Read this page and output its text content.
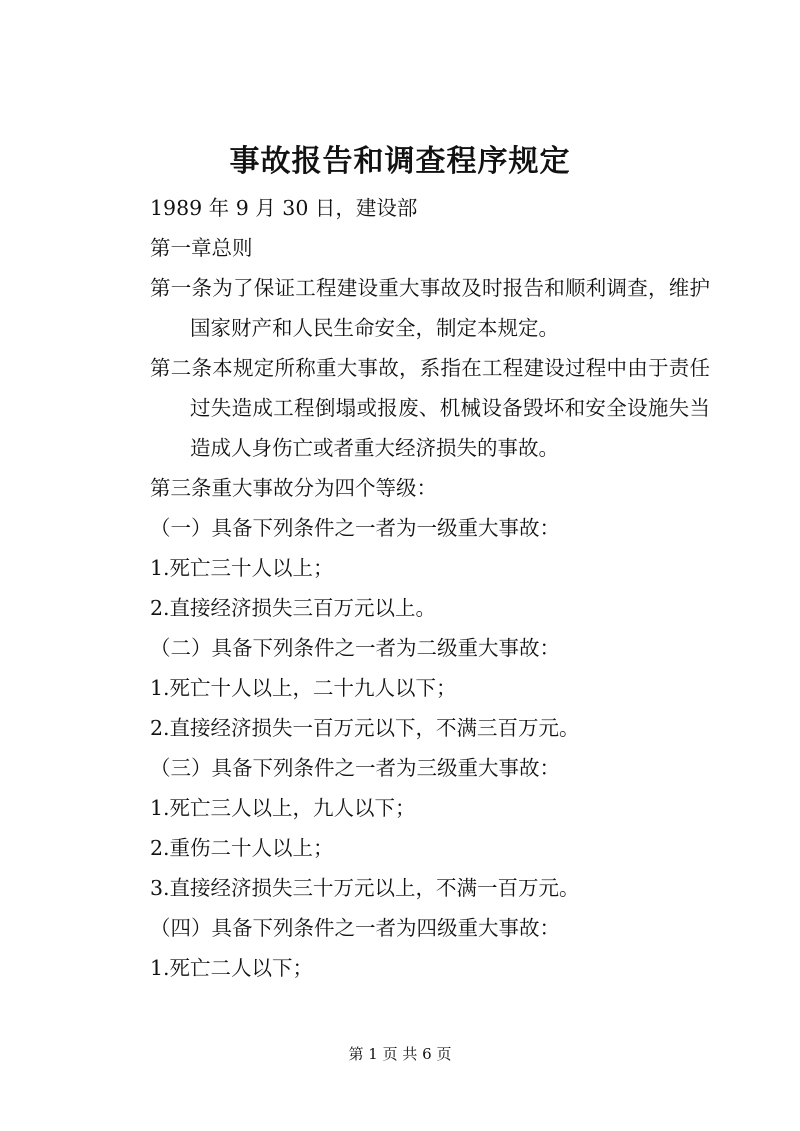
事故报告和调查程序规定

1989 年 9 月 30 日，建设部

第一章总则

第一条为了保证工程建设重大事故及时报告和顺利调查，维护国家财产和人民生命安全，制定本规定。

第二条本规定所称重大事故，系指在工程建设过程中由于责任过失造成工程倒塌或报废、机械设备毁坏和安全设施失当造成人身伤亡或者重大经济损失的事故。

第三条重大事故分为四个等级：

（一）具备下列条件之一者为一级重大事故：

1.死亡三十人以上；

2.直接经济损失三百万元以上。

（二）具备下列条件之一者为二级重大事故：

1.死亡十人以上，二十九人以下；

2.直接经济损失一百万元以下，不满三百万元。

（三）具备下列条件之一者为三级重大事故：

1.死亡三人以上，九人以下；

2.重伤二十人以上；

3.直接经济损失三十万元以上，不满一百万元。

（四）具备下列条件之一者为四级重大事故：

1.死亡二人以下；

第 1 页 共 6 页
